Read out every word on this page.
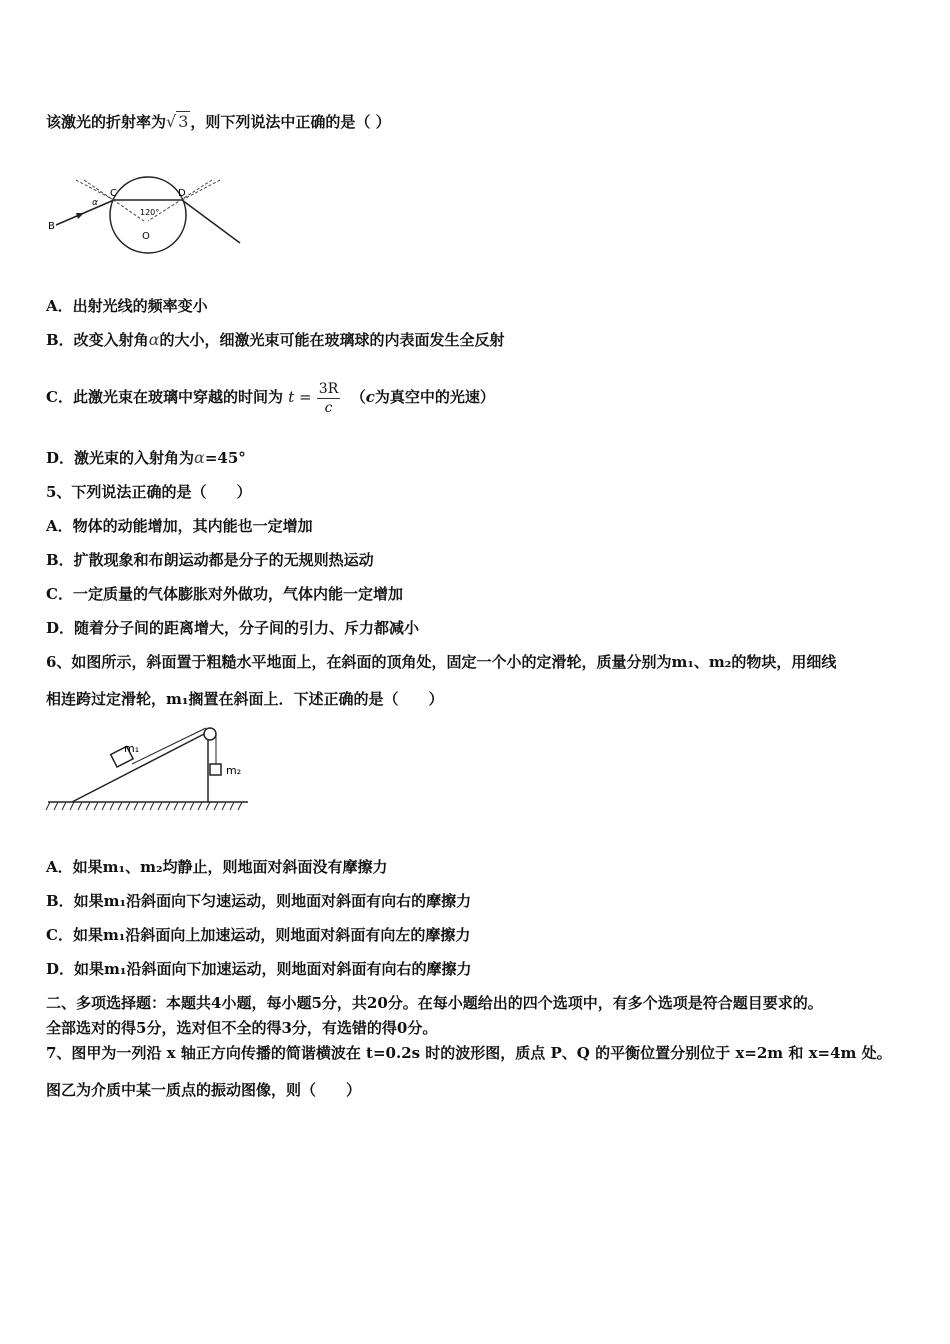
该激光的折射率为√ 3 ，则下列说法中正确的是（ ）
C	D
B
O
α
120°
A．出射光线的频率变小
B．改变入射角α的大小，细激光束可能在玻璃球的内表面发生全反射
C．此激光束在玻璃中穿越的时间为 $t = \frac{3R}{c} (c$为真空中的光速）
D．激光束的入射角为α=45°
5、下列说法正确的是（　　）
A．物体的动能增加，其内能也一定增加
B．扩散现象和布朗运动都是分子的无规则热运动
C．一定质量的气体膨胀对外做功，气体内能一定增加
D．随着分子间的距离增大，分子间的引力、斥力都减小
6、如图所示，斜面置于粗糙水平地面上，在斜面的顶角处，固定一个小的定滑轮，质量分别为m₁、m₂的物块，用细线
相连跨过定滑轮，m₁搁置在斜面上．下述正确的是（　　）
m₁
m₂
A．如果m₁、m₂均静止，则地面对斜面没有摩擦力
B．如果m₁沿斜面向下匀速运动，则地面对斜面有向右的摩擦力
C．如果m₁沿斜面向上加速运动，则地面对斜面有向左的摩擦力
D．如果m₁沿斜面向下加速运动，则地面对斜面有向右的摩擦力
二、多项选择题：本题共4小题，每小题5分，共20分。在每小题给出的四个选项中，有多个选项是符合题目要求的。
全部选对的得5分，选对但不全的得3分，有选错的得0分。
7、图甲为一列沿 x 轴正方向传播的简谐横波在 t=0.2s 时的波形图，质点 P、Q 的平衡位置分别位于 x=2m 和 x=4m 处。
图乙为介质中某一质点的振动图像，则（　　）
